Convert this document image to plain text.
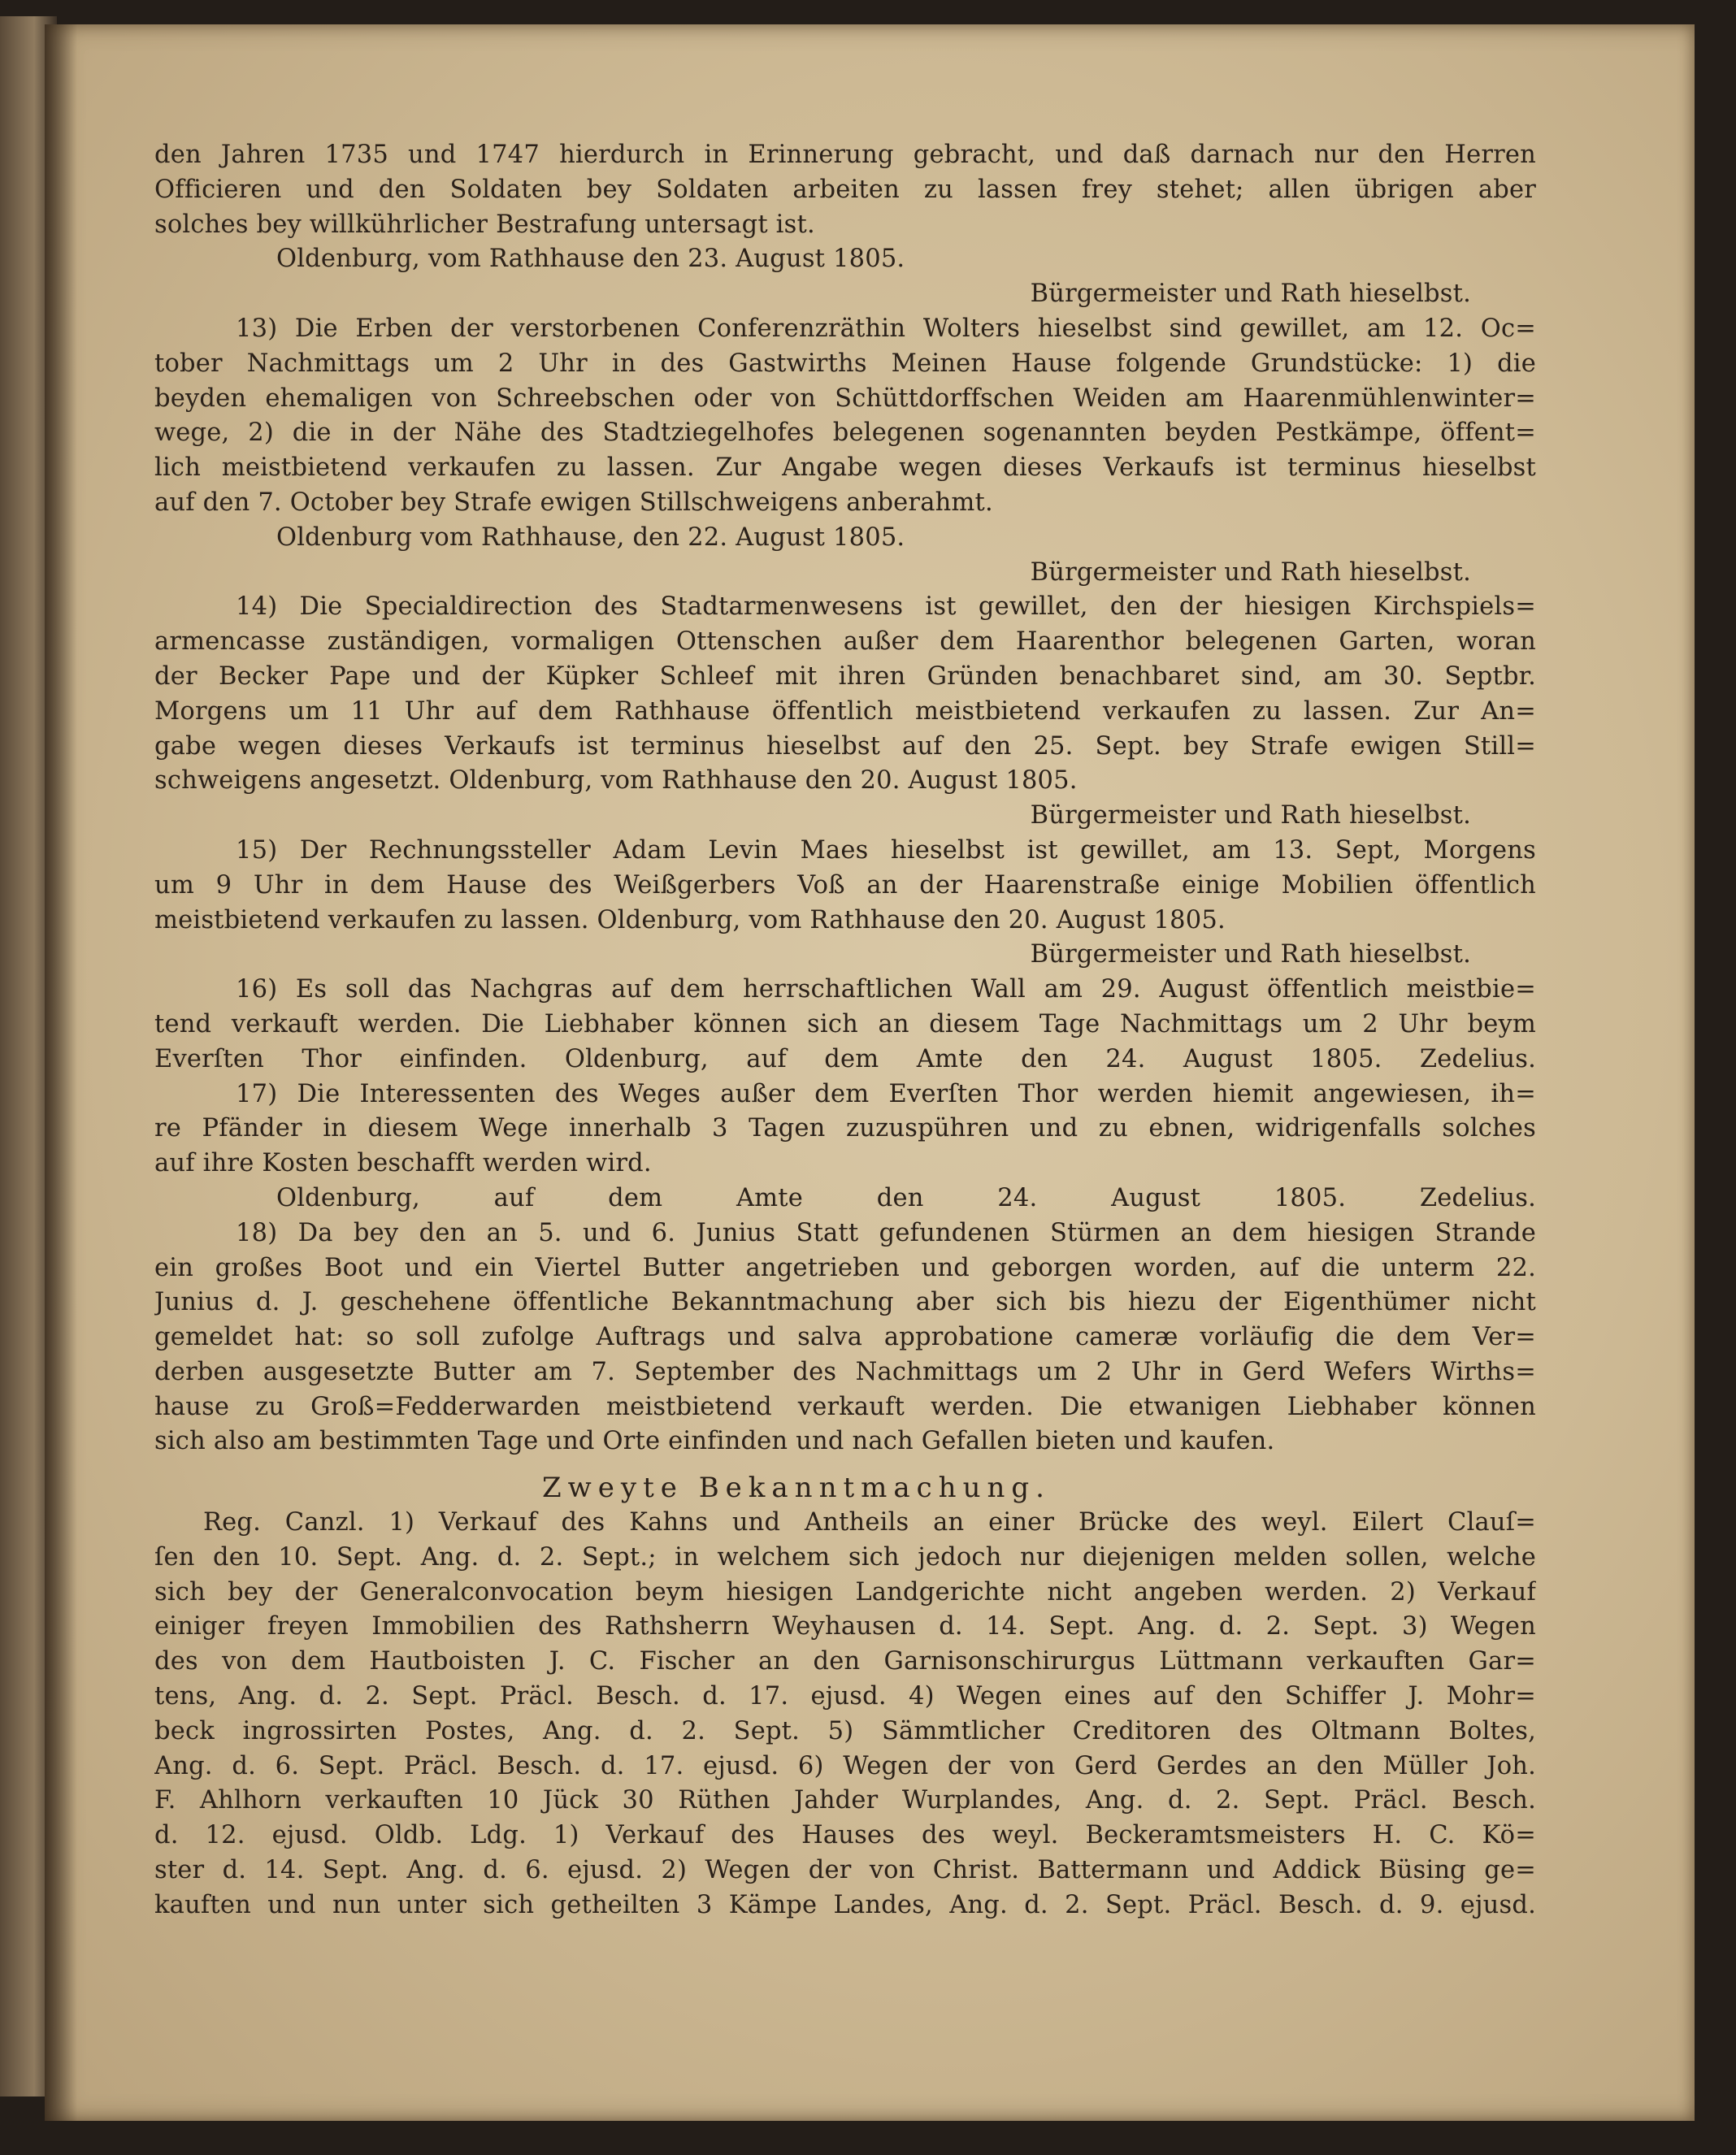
den Jahren 1735 und 1747 hierdurch in Erinnerung gebracht, und daß darnach nur den Herren
Officieren und den Soldaten bey Soldaten arbeiten zu lassen frey stehet; allen übrigen aber
solches bey willkührlicher Bestrafung untersagt ist.
Oldenburg, vom Rathhause den 23. August 1805.
Bürgermeister und Rath hieselbst.
13) Die Erben der verstorbenen Conferenzräthin Wolters hieselbst sind gewillet, am 12. Oc=
tober Nachmittags um 2 Uhr in des Gastwirths Meinen Hause folgende Grundstücke: 1) die
beyden ehemaligen von Schreebschen oder von Schüttdorffschen Weiden am Haarenmühlenwinter=
wege, 2) die in der Nähe des Stadtziegelhofes belegenen sogenannten beyden Pestkämpe, öffent=
lich meistbietend verkaufen zu lassen. Zur Angabe wegen dieses Verkaufs ist terminus hieselbst
auf den 7. October bey Strafe ewigen Stillschweigens anberahmt.
Oldenburg vom Rathhause, den 22. August 1805.
Bürgermeister und Rath hieselbst.
14) Die Specialdirection des Stadtarmenwesens ist gewillet, den der hiesigen Kirchspiels=
armencasse zuständigen, vormaligen Ottenschen außer dem Haarenthor belegenen Garten, woran
der Becker Pape und der Küpker Schleef mit ihren Gründen benachbaret sind, am 30. Septbr.
Morgens um 11 Uhr auf dem Rathhause öffentlich meistbietend verkaufen zu lassen. Zur An=
gabe wegen dieses Verkaufs ist terminus hieselbst auf den 25. Sept. bey Strafe ewigen Still=
schweigens angesetzt. Oldenburg, vom Rathhause den 20. August 1805.
Bürgermeister und Rath hieselbst.
15) Der Rechnungssteller Adam Levin Maes hieselbst ist gewillet, am 13. Sept, Morgens
um 9 Uhr in dem Hause des Weißgerbers Voß an der Haarenstraße einige Mobilien öffentlich
meistbietend verkaufen zu lassen. Oldenburg, vom Rathhause den 20. August 1805.
Bürgermeister und Rath hieselbst.
16) Es soll das Nachgras auf dem herrschaftlichen Wall am 29. August öffentlich meistbie=
tend verkauft werden. Die Liebhaber können sich an diesem Tage Nachmittags um 2 Uhr beym
Everſten Thor einfinden. Oldenburg, auf dem Amte den 24. August 1805. Zedelius.
17) Die Interessenten des Weges außer dem Everſten Thor werden hiemit angewiesen, ih=
re Pfänder in diesem Wege innerhalb 3 Tagen zuzuspühren und zu ebnen, widrigenfalls solches
auf ihre Kosten beschafft werden wird.
Oldenburg, auf dem Amte den 24. August 1805. Zedelius.
18) Da bey den an 5. und 6. Junius Statt gefundenen Stürmen an dem hiesigen Strande
ein großes Boot und ein Viertel Butter angetrieben und geborgen worden, auf die unterm 22.
Junius d. J. geschehene öffentliche Bekanntmachung aber sich bis hiezu der Eigenthümer nicht
gemeldet hat: so soll zufolge Auftrags und salva approbatione cameræ vorläufig die dem Ver=
derben ausgesetzte Butter am 7. September des Nachmittags um 2 Uhr in Gerd Wefers Wirths=
hause zu Groß=Fedderwarden meistbietend verkauft werden. Die etwanigen Liebhaber können
sich also am bestimmten Tage und Orte einfinden und nach Gefallen bieten und kaufen.
Zweyte Bekanntmachung.
Reg. Canzl. 1) Verkauf des Kahns und Antheils an einer Brücke des weyl. Eilert Clauſ=
ſen den 10. Sept. Ang. d. 2. Sept.; in welchem sich jedoch nur diejenigen melden sollen, welche
sich bey der Generalconvocation beym hiesigen Landgerichte nicht angeben werden. 2) Verkauf
einiger freyen Immobilien des Rathsherrn Weyhausen d. 14. Sept. Ang. d. 2. Sept. 3) Wegen
des von dem Hautboisten J. C. Fischer an den Garnisonschirurgus Lüttmann verkauften Gar=
tens, Ang. d. 2. Sept. Präcl. Besch. d. 17. ejusd. 4) Wegen eines auf den Schiffer J. Mohr=
beck ingrossirten Postes, Ang. d. 2. Sept. 5) Sämmtlicher Creditoren des Oltmann Boltes,
Ang. d. 6. Sept. Präcl. Besch. d. 17. ejusd. 6) Wegen der von Gerd Gerdes an den Müller Joh.
F. Ahlhorn verkauften 10 Jück 30 Rüthen Jahder Wurplandes, Ang. d. 2. Sept. Präcl. Besch.
d. 12. ejusd. Oldb. Ldg. 1) Verkauf des Hauses des weyl. Beckeramtsmeisters H. C. Kö=
ster d. 14. Sept. Ang. d. 6. ejusd. 2) Wegen der von Christ. Battermann und Addick Büsing ge=
kauften und nun unter sich getheilten 3 Kämpe Landes, Ang. d. 2. Sept. Präcl. Besch. d. 9. ejusd.
